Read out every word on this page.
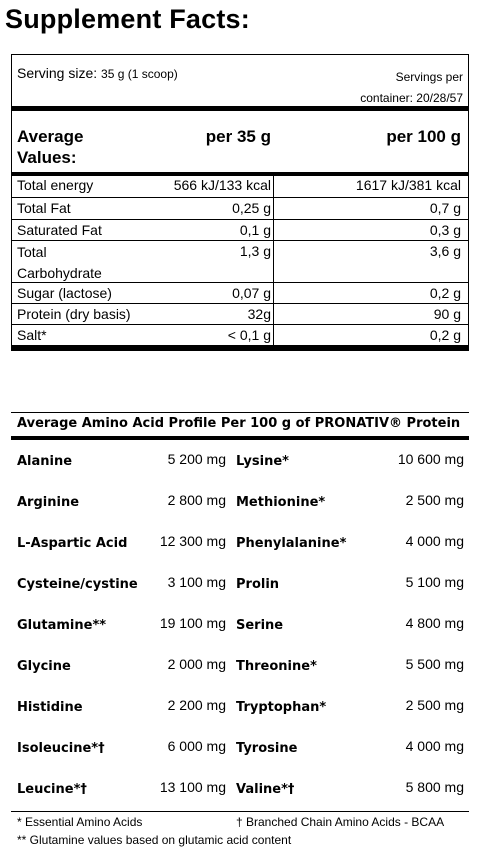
Supplement Facts:
Serving size: 35 g (1 scoop)	Servings per
container: 20/28/57
Average
Values:
per 35 g	per 100 g
Total energy	566 kJ/133 kcal	1617 kJ/381 kcal
Total Fat	0,25 g	0,7 g
Saturated Fat	0,1 g	0,3 g
Total
Carbohydrate
1,3 g	3,6 g
Sugar (lactose)	0,07 g	0,2 g
Protein (dry basis)	32g	90 g
Salt*	< 0,1 g	0,2 g
Average Amino Acid Profile Per 100 g of PRONATIV® Protein
Alanine	5 200 mg Lysine*	10 600 mg
Arginine	2 800 mg Methionine*	2 500 mg
L-Aspartic Acid 12 300 mg Phenylalanine*	4 000 mg
Cysteine/cystine 3 100 mg Prolin	5 100 mg
Glutamine**	19 100 mg Serine	4 800 mg
Glycine	2 000 mg Threonine*	5 500 mg
Histidine	2 200 mg Tryptophan*	2 500 mg
Isoleucine*†	6 000 mg Tyrosine	4 000 mg
Leucine*†	13 100 mg Valine*†	5 800 mg
* Essential Amino Acids	† Branched Chain Amino Acids - BCAA
** Glutamine values based on glutamic acid content
